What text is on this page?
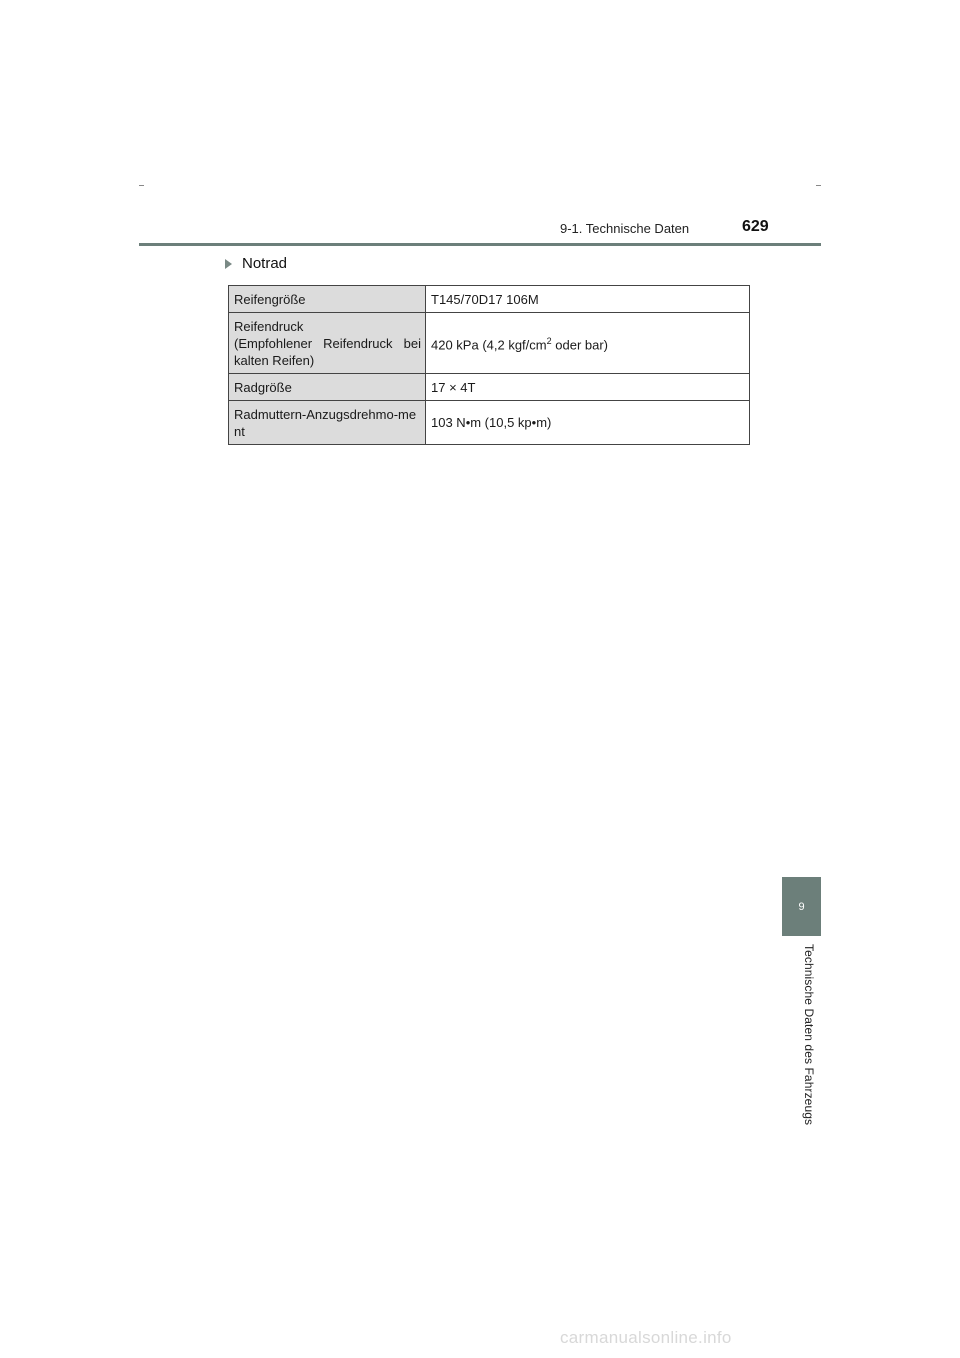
9-1. Technische Daten	629
Notrad
Reifengröße	T145/70D17 106M

Reifendruck
(Empfohlener Reifendruck bei kalten Reifen)	420 kPa (4,2 kgf/$cm^2$ oder bar)
Radgröße	17 × 4T
Radmuttern-Anzugsdrehmo-ment	103 N•m (10,5 kp•m)
9
Technische Daten des Fahrzeugs
carmanualsonline.info
